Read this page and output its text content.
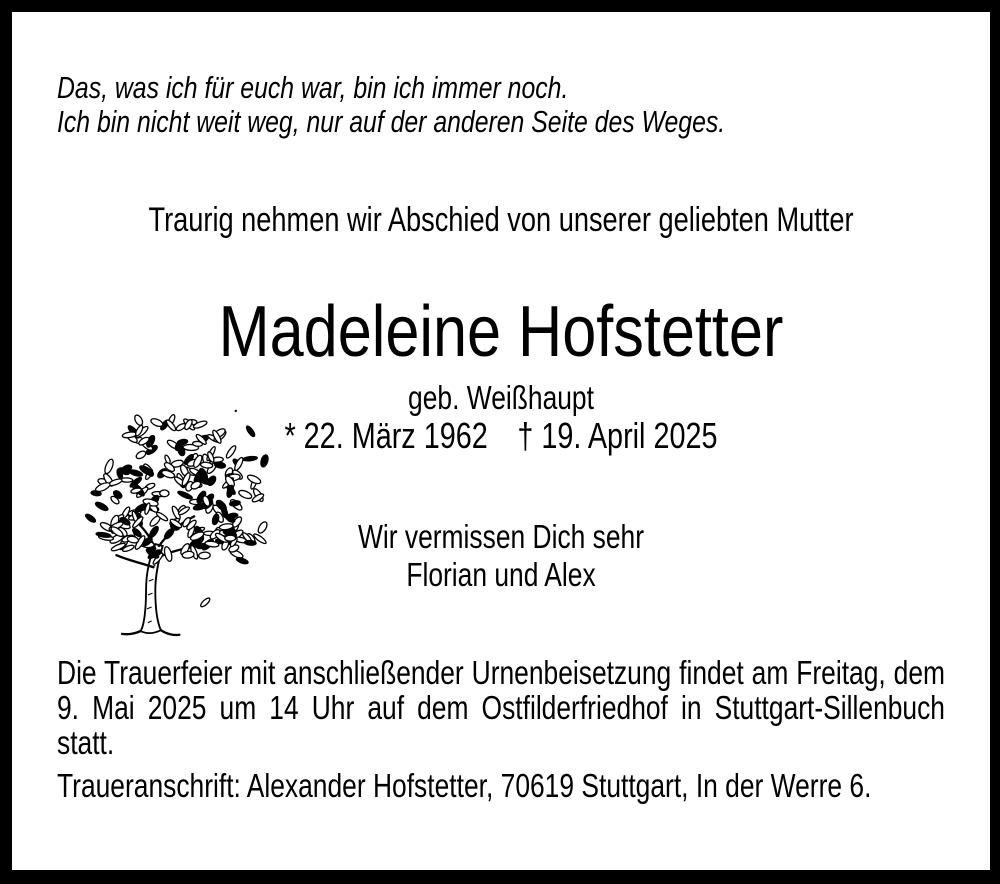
Das, was ich für euch war, bin ich immer noch.
Ich bin nicht weit weg, nur auf der anderen Seite des Weges.
Traurig nehmen wir Abschied von unserer geliebten Mutter
Madeleine Hofstetter
geb. Weißhaupt
* 22. März 1962 † 19. April 2025
Wir vermissen Dich sehr
Florian und Alex

Die Trauerfeier mit anschließender Urnenbeisetzung findet am Freitag, dem 9. Mai 2025 um 14 Uhr auf dem Ostfilderfriedhof in Stuttgart-Sillenbuch statt.

Traueranschrift: Alexander Hofstetter, 70619 Stuttgart, In der Werre 6.
